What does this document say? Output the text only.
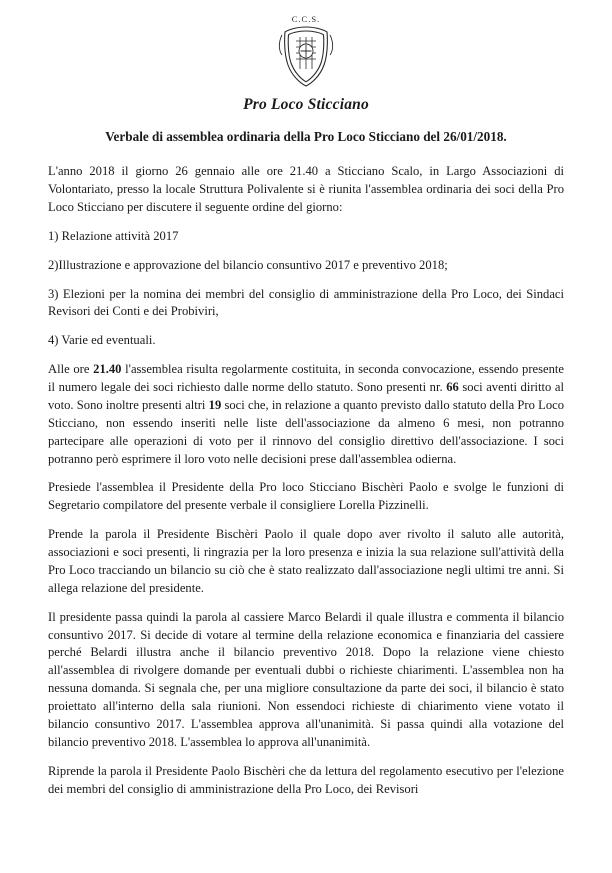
C.C.S.
Pro Loco Sticciano
Verbale di assemblea ordinaria della Pro Loco Sticciano del 26/01/2018.

L'anno 2018 il giorno 26 gennaio alle ore 21.40 a Sticciano Scalo, in Largo Associazioni di Volontariato, presso la locale Struttura Polivalente si è riunita l'assemblea ordinaria dei soci della Pro Loco Sticciano per discutere il seguente ordine del giorno:

1) Relazione attività 2017

2)Illustrazione e approvazione del bilancio consuntivo 2017 e preventivo 2018;

3) Elezioni per la nomina dei membri del consiglio di amministrazione della Pro Loco, dei Sindaci Revisori dei Conti e dei Probiviri,

4) Varie ed eventuali.

Alle ore 21.40 l'assemblea risulta regolarmente costituita, in seconda convocazione, essendo presente il numero legale dei soci richiesto dalle norme dello statuto. Sono presenti nr. 66 soci aventi diritto al voto. Sono inoltre presenti altri 19 soci che, in relazione a quanto previsto dallo statuto della Pro Loco Sticciano, non essendo inseriti nelle liste dell'associazione da almeno 6 mesi, non potranno partecipare alle operazioni di voto per il rinnovo del consiglio direttivo dell'associazione. I soci potranno però esprimere il loro voto nelle decisioni prese dall'assemblea odierna.

Presiede l'assemblea il Presidente della Pro loco Sticciano Bischèri Paolo e svolge le funzioni di Segretario compilatore del presente verbale il consigliere Lorella Pizzinelli.

Prende la parola il Presidente Bischèri Paolo il quale dopo aver rivolto il saluto alle autorità, associazioni e soci presenti, li ringrazia per la loro presenza e inizia la sua relazione sull'attività della Pro Loco tracciando un bilancio su ciò che è stato realizzato dall'associazione negli ultimi tre anni. Si allega relazione del presidente.

Il presidente passa quindi la parola al cassiere Marco Belardi il quale illustra e commenta il bilancio consuntivo 2017. Si decide di votare al termine della relazione economica e finanziaria del cassiere perché Belardi illustra anche il bilancio preventivo 2018. Dopo la relazione viene chiesto all'assemblea di rivolgere domande per eventuali dubbi o richieste chiarimenti. L'assemblea non ha nessuna domanda. Si segnala che, per una migliore consultazione da parte dei soci, il bilancio è stato proiettato all'interno della sala riunioni. Non essendoci richieste di chiarimento viene votato il bilancio consuntivo 2017. L'assemblea approva all'unanimità. Si passa quindi alla votazione del bilancio preventivo 2018. L'assemblea lo approva all'unanimità.

Riprende la parola il Presidente Paolo Bischèri che da lettura del regolamento esecutivo per l'elezione dei membri del consiglio di amministrazione della Pro Loco, dei Revisori
